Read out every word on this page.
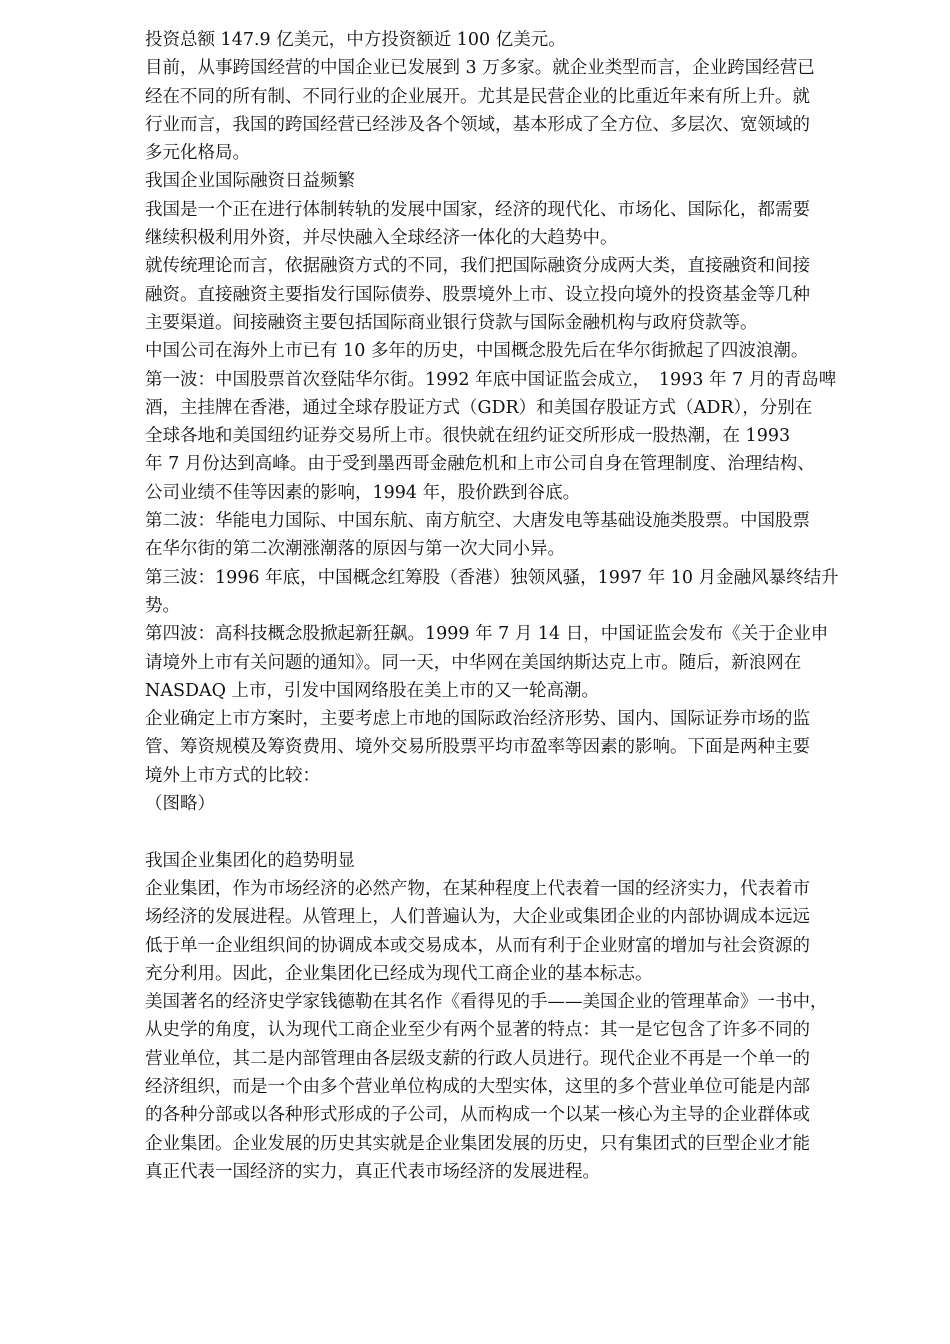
投资总额 147.9 亿美元，中方投资额近 100 亿美元。
目前，从事跨国经营的中国企业已发展到 3 万多家。就企业类型而言，企业跨国经营已
经在不同的所有制、不同行业的企业展开。尤其是民营企业的比重近年来有所上升。就
行业而言，我国的跨国经营已经涉及各个领域，基本形成了全方位、多层次、宽领域的
多元化格局。
我国企业国际融资日益频繁
我国是一个正在进行体制转轨的发展中国家，经济的现代化、市场化、国际化，都需要
继续积极利用外资，并尽快融入全球经济一体化的大趋势中。
就传统理论而言，依据融资方式的不同，我们把国际融资分成两大类，直接融资和间接
融资。直接融资主要指发行国际债券、股票境外上市、设立投向境外的投资基金等几种
主要渠道。间接融资主要包括国际商业银行贷款与国际金融机构与政府贷款等。
中国公司在海外上市已有 10 多年的历史，中国概念股先后在华尔街掀起了四波浪潮。
第一波：中国股票首次登陆华尔街。1992 年底中国证监会成立，　1993 年 7 月的青岛啤
酒，主挂牌在香港，通过全球存股证方式（GDR）和美国存股证方式（ADR），分别在
全球各地和美国纽约证券交易所上市。很快就在纽约证交所形成一股热潮，在 1993
年 7 月份达到高峰。由于受到墨西哥金融危机和上市公司自身在管理制度、治理结构、
公司业绩不佳等因素的影响，1994 年，股价跌到谷底。
第二波：华能电力国际、中国东航、南方航空、大唐发电等基础设施类股票。中国股票
在华尔街的第二次潮涨潮落的原因与第一次大同小异。
第三波：1996 年底，中国概念红筹股（香港）独领风骚，1997 年 10 月金融风暴终结升
势。
第四波：高科技概念股掀起新狂飙。1999 年 7 月 14 日，中国证监会发布《关于企业申
请境外上市有关问题的通知》。同一天，中华网在美国纳斯达克上市。随后，新浪网在
NASDAQ 上市，引发中国网络股在美上市的又一轮高潮。
企业确定上市方案时，主要考虑上市地的国际政治经济形势、国内、国际证券市场的监
管、筹资规模及筹资费用、境外交易所股票平均市盈率等因素的影响。下面是两种主要
境外上市方式的比较：
（图略）
我国企业集团化的趋势明显
企业集团，作为市场经济的必然产物，在某种程度上代表着一国的经济实力，代表着市
场经济的发展进程。从管理上，人们普遍认为，大企业或集团企业的内部协调成本远远
低于单一企业组织间的协调成本或交易成本，从而有利于企业财富的增加与社会资源的
充分利用。因此，企业集团化已经成为现代工商企业的基本标志。
美国著名的经济史学家钱德勒在其名作《看得见的手——美国企业的管理革命》一书中，
从史学的角度，认为现代工商企业至少有两个显著的特点：其一是它包含了许多不同的
营业单位，其二是内部管理由各层级支薪的行政人员进行。现代企业不再是一个单一的
经济组织，而是一个由多个营业单位构成的大型实体，这里的多个营业单位可能是内部
的各种分部或以各种形式形成的子公司，从而构成一个以某一核心为主导的企业群体或
企业集团。企业发展的历史其实就是企业集团发展的历史，只有集团式的巨型企业才能
真正代表一国经济的实力，真正代表市场经济的发展进程。
